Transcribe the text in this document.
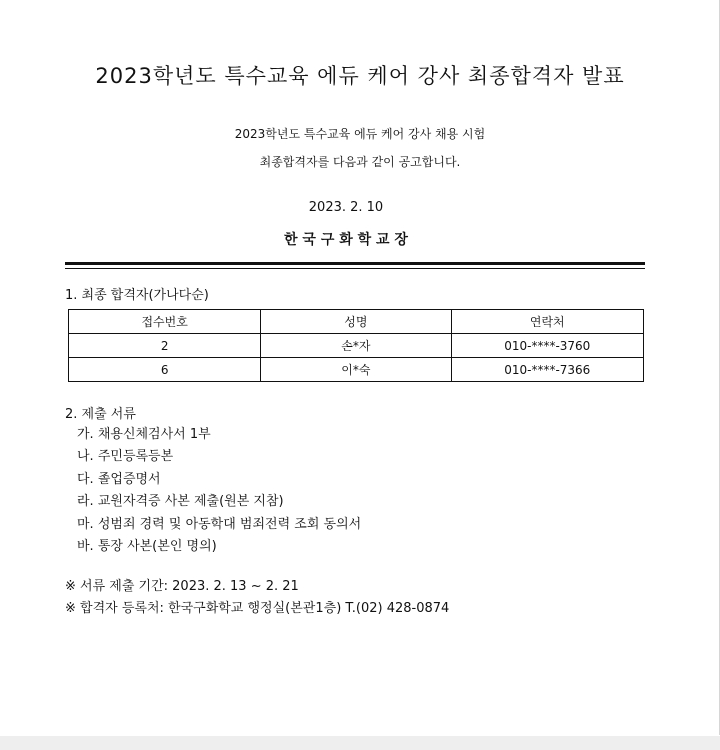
2023학년도 특수교육 에듀 케어 강사 최종합격자 발표
2023학년도 특수교육 에듀 케어 강사 채용 시험
최종합격자를 다음과 같이 공고합니다.
2023. 2. 10
한 국 구 화 학 교 장
1. 최종 합격자(가나다순)
접수번호	성명	연락처
2	손*자	010-****-3760
6	이*숙	010-****-7366
2. 제출 서류
가. 채용신체검사서 1부
나. 주민등록등본
다. 졸업증명서
라. 교원자격증 사본 제출(원본 지참)
마. 성범죄 경력 및 아동학대 범죄전력 조회 동의서
바. 통장 사본(본인 명의)
※ 서류 제출 기간: 2023. 2. 13 ~ 2. 21
※ 합격자 등록처: 한국구화학교 행정실(본관1층) T.(02) 428-0874
